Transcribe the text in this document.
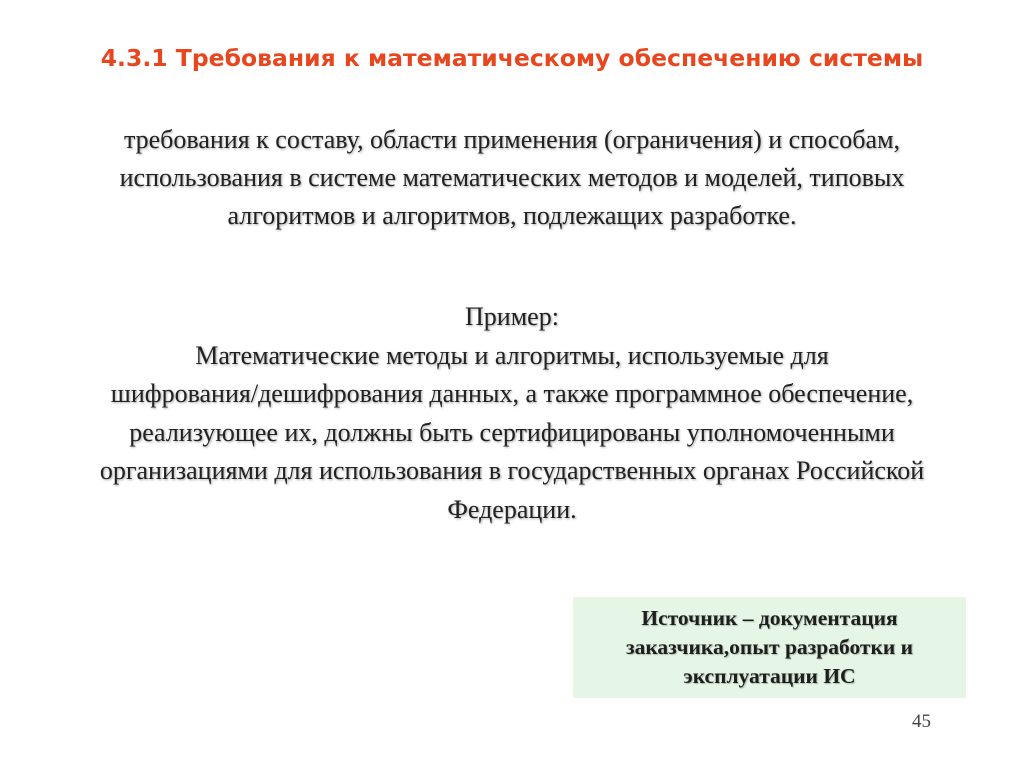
4.3.1 Требования к математическому обеспечению системы
требования к составу, области применения (ограничения) и способам,
использования в системе математических методов и моделей, типовых
алгоритмов и алгоритмов, подлежащих разработке.
Пример:
Математические методы и алгоритмы, используемые для
шифрования/дешифрования данных, а также программное обеспечение,
реализующее их, должны быть сертифицированы уполномоченными
организациями для использования в государственных органах Российской
Федерации.
Источник – документация
заказчика,опыт разработки и
эксплуатации ИС
45
